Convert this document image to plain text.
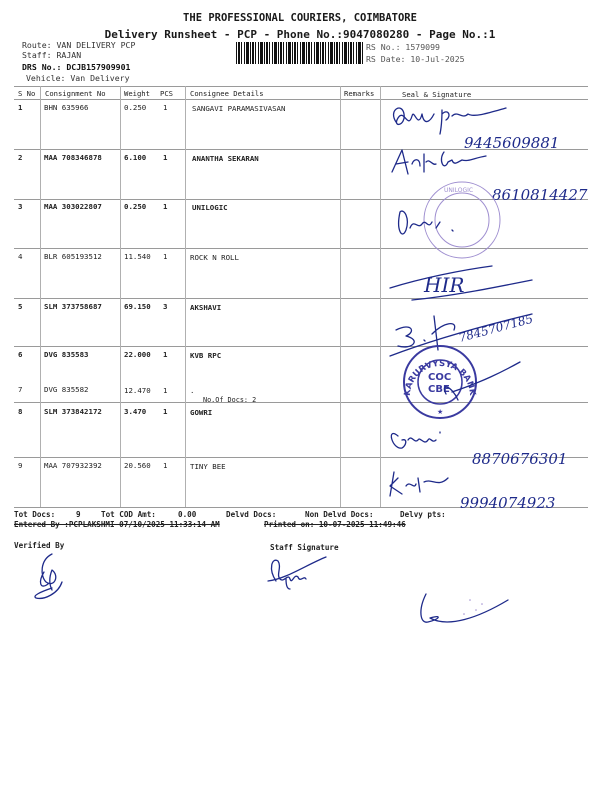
THE PROFESSIONAL COURIERS, COIMBATORE
Delivery Runsheet - PCP - Phone No.:9047080280 - Page No.:1
Route: VAN DELIVERY PCP
Staff: RAJAN
DRS No.: DCJB157909901
Vehicle: Van Delivery
RS No.: 1579099
RS Date: 10-Jul-2025
S No Consignment No	Weight PCS Consignee Details	Remarks	Seal & Signature
1	BHN 635966	0.250 1	SANGAVI PARAMASIVASAN
2	MAA 708346878	6.100 1	ANANTHA SEKARAN
3	MAA 303022807	0.250 1	UNILOGIC
4	BLR 605193512	11.540 1	ROCK N ROLL
5	SLM 373758687	69.150 3	AKSHAVI
6	DVG 835583	22.000 1	KVB RPC
7	DVG 835582	12.470 1	.
No.Of Docs: 2
8	SLM 373842172	3.470 1	GOWRI
9	MAA 707932392	20.560 1	TINY BEE
9445609881
8610814427
UNILOGIC
HIR
7845707185
COC
CBE
KARURVYSYA BANK
★
8870676301
9994074923
Tot Docs:	9	Tot COD Amt:	0.00	Delvd Docs:	Non Delvd Docs:	Delvy pts:
Entered By :PCPLAKSHMI 07/10/2025 11:33:14 AM	Printed on: 10-07-2025 11:49:46
Verified By	Staff Signature
